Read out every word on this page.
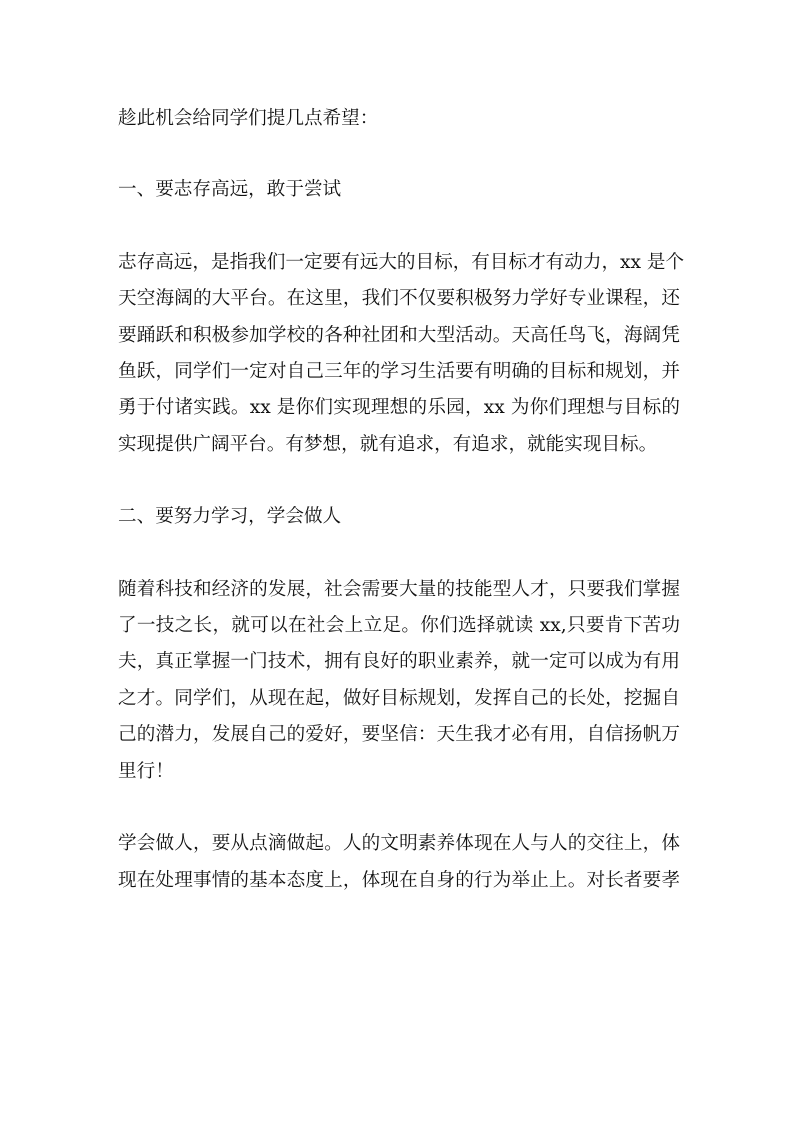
趁此机会给同学们提几点希望：

一、要志存高远，敢于尝试

志存高远，是指我们一定要有远大的目标，有目标才有动力，xx 是个
天空海阔的大平台。在这里，我们不仅要积极努力学好专业课程，还
要踊跃和积极参加学校的各种社团和大型活动。天高任鸟飞，海阔凭
鱼跃，同学们一定对自己三年的学习生活要有明确的目标和规划，并
勇于付诸实践。xx 是你们实现理想的乐园，xx 为你们理想与目标的
实现提供广阔平台。有梦想，就有追求，有追求，就能实现目标。

二、要努力学习，学会做人

随着科技和经济的发展，社会需要大量的技能型人才，只要我们掌握
了一技之长，就可以在社会上立足。你们选择就读 xx,只要肯下苦功
夫，真正掌握一门技术，拥有良好的职业素养，就一定可以成为有用
之才。同学们，从现在起，做好目标规划，发挥自己的长处，挖掘自
己的潜力，发展自己的爱好，要坚信：天生我才必有用，自信扬帆万
里行！

学会做人，要从点滴做起。人的文明素养体现在人与人的交往上，体
现在处理事情的基本态度上，体现在自身的行为举止上。对长者要孝
